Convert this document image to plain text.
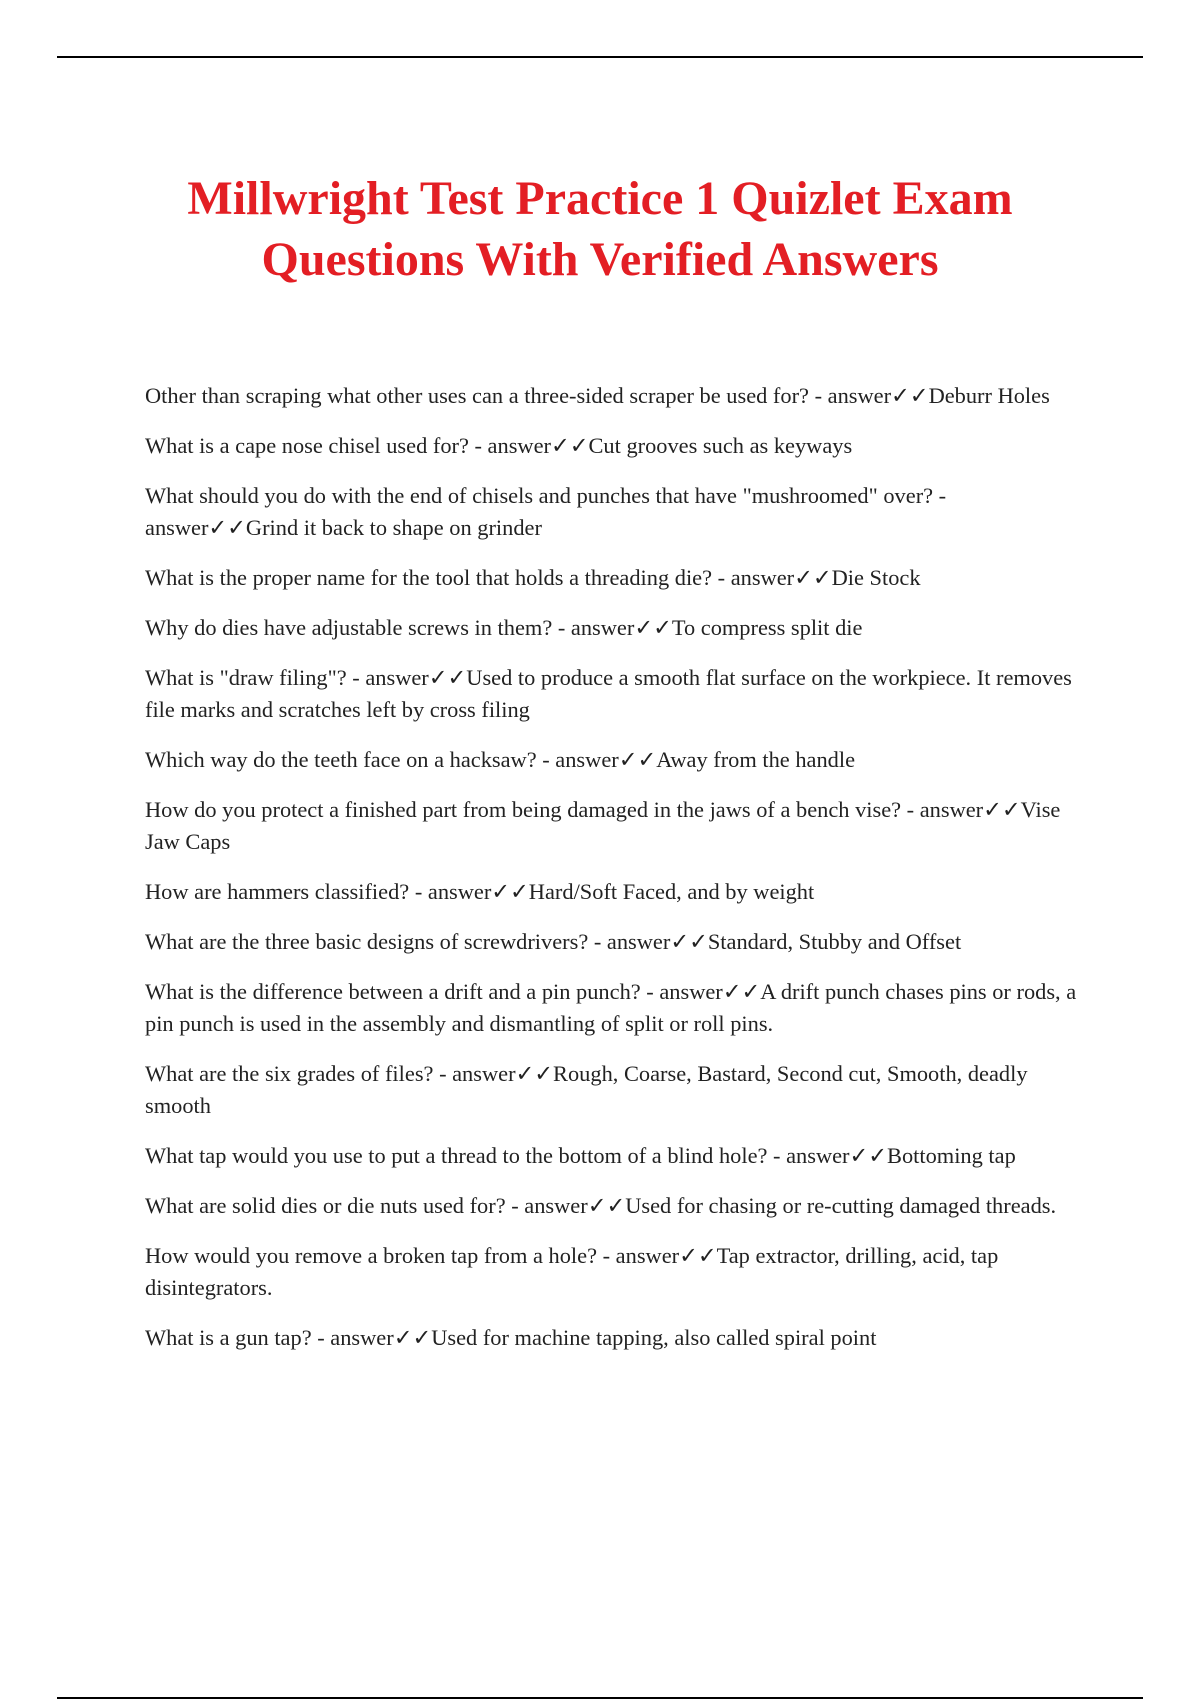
Millwright Test Practice 1 Quizlet Exam Questions With Verified Answers
Other than scraping what other uses can a three-sided scraper be used for? - answer✓✓Deburr Holes
What is a cape nose chisel used for? - answer✓✓Cut grooves such as keyways
What should you do with the end of chisels and punches that have "mushroomed" over? - answer✓✓Grind it back to shape on grinder
What is the proper name for the tool that holds a threading die? - answer✓✓Die Stock
Why do dies have adjustable screws in them? - answer✓✓To compress split die
What is "draw filing"? - answer✓✓Used to produce a smooth flat surface on the workpiece. It removes file marks and scratches left by cross filing
Which way do the teeth face on a hacksaw? - answer✓✓Away from the handle
How do you protect a finished part from being damaged in the jaws of a bench vise? - answer✓✓Vise Jaw Caps
How are hammers classified? - answer✓✓Hard/Soft Faced, and by weight
What are the three basic designs of screwdrivers? - answer✓✓Standard, Stubby and Offset
What is the difference between a drift and a pin punch? - answer✓✓A drift punch chases pins or rods, a pin punch is used in the assembly and dismantling of split or roll pins.
What are the six grades of files? - answer✓✓Rough, Coarse, Bastard, Second cut, Smooth, deadly smooth
What tap would you use to put a thread to the bottom of a blind hole? - answer✓✓Bottoming tap
What are solid dies or die nuts used for? - answer✓✓Used for chasing or re-cutting damaged threads.
How would you remove a broken tap from a hole? - answer✓✓Tap extractor, drilling, acid, tap disintegrators.
What is a gun tap? - answer✓✓Used for machine tapping, also called spiral point
